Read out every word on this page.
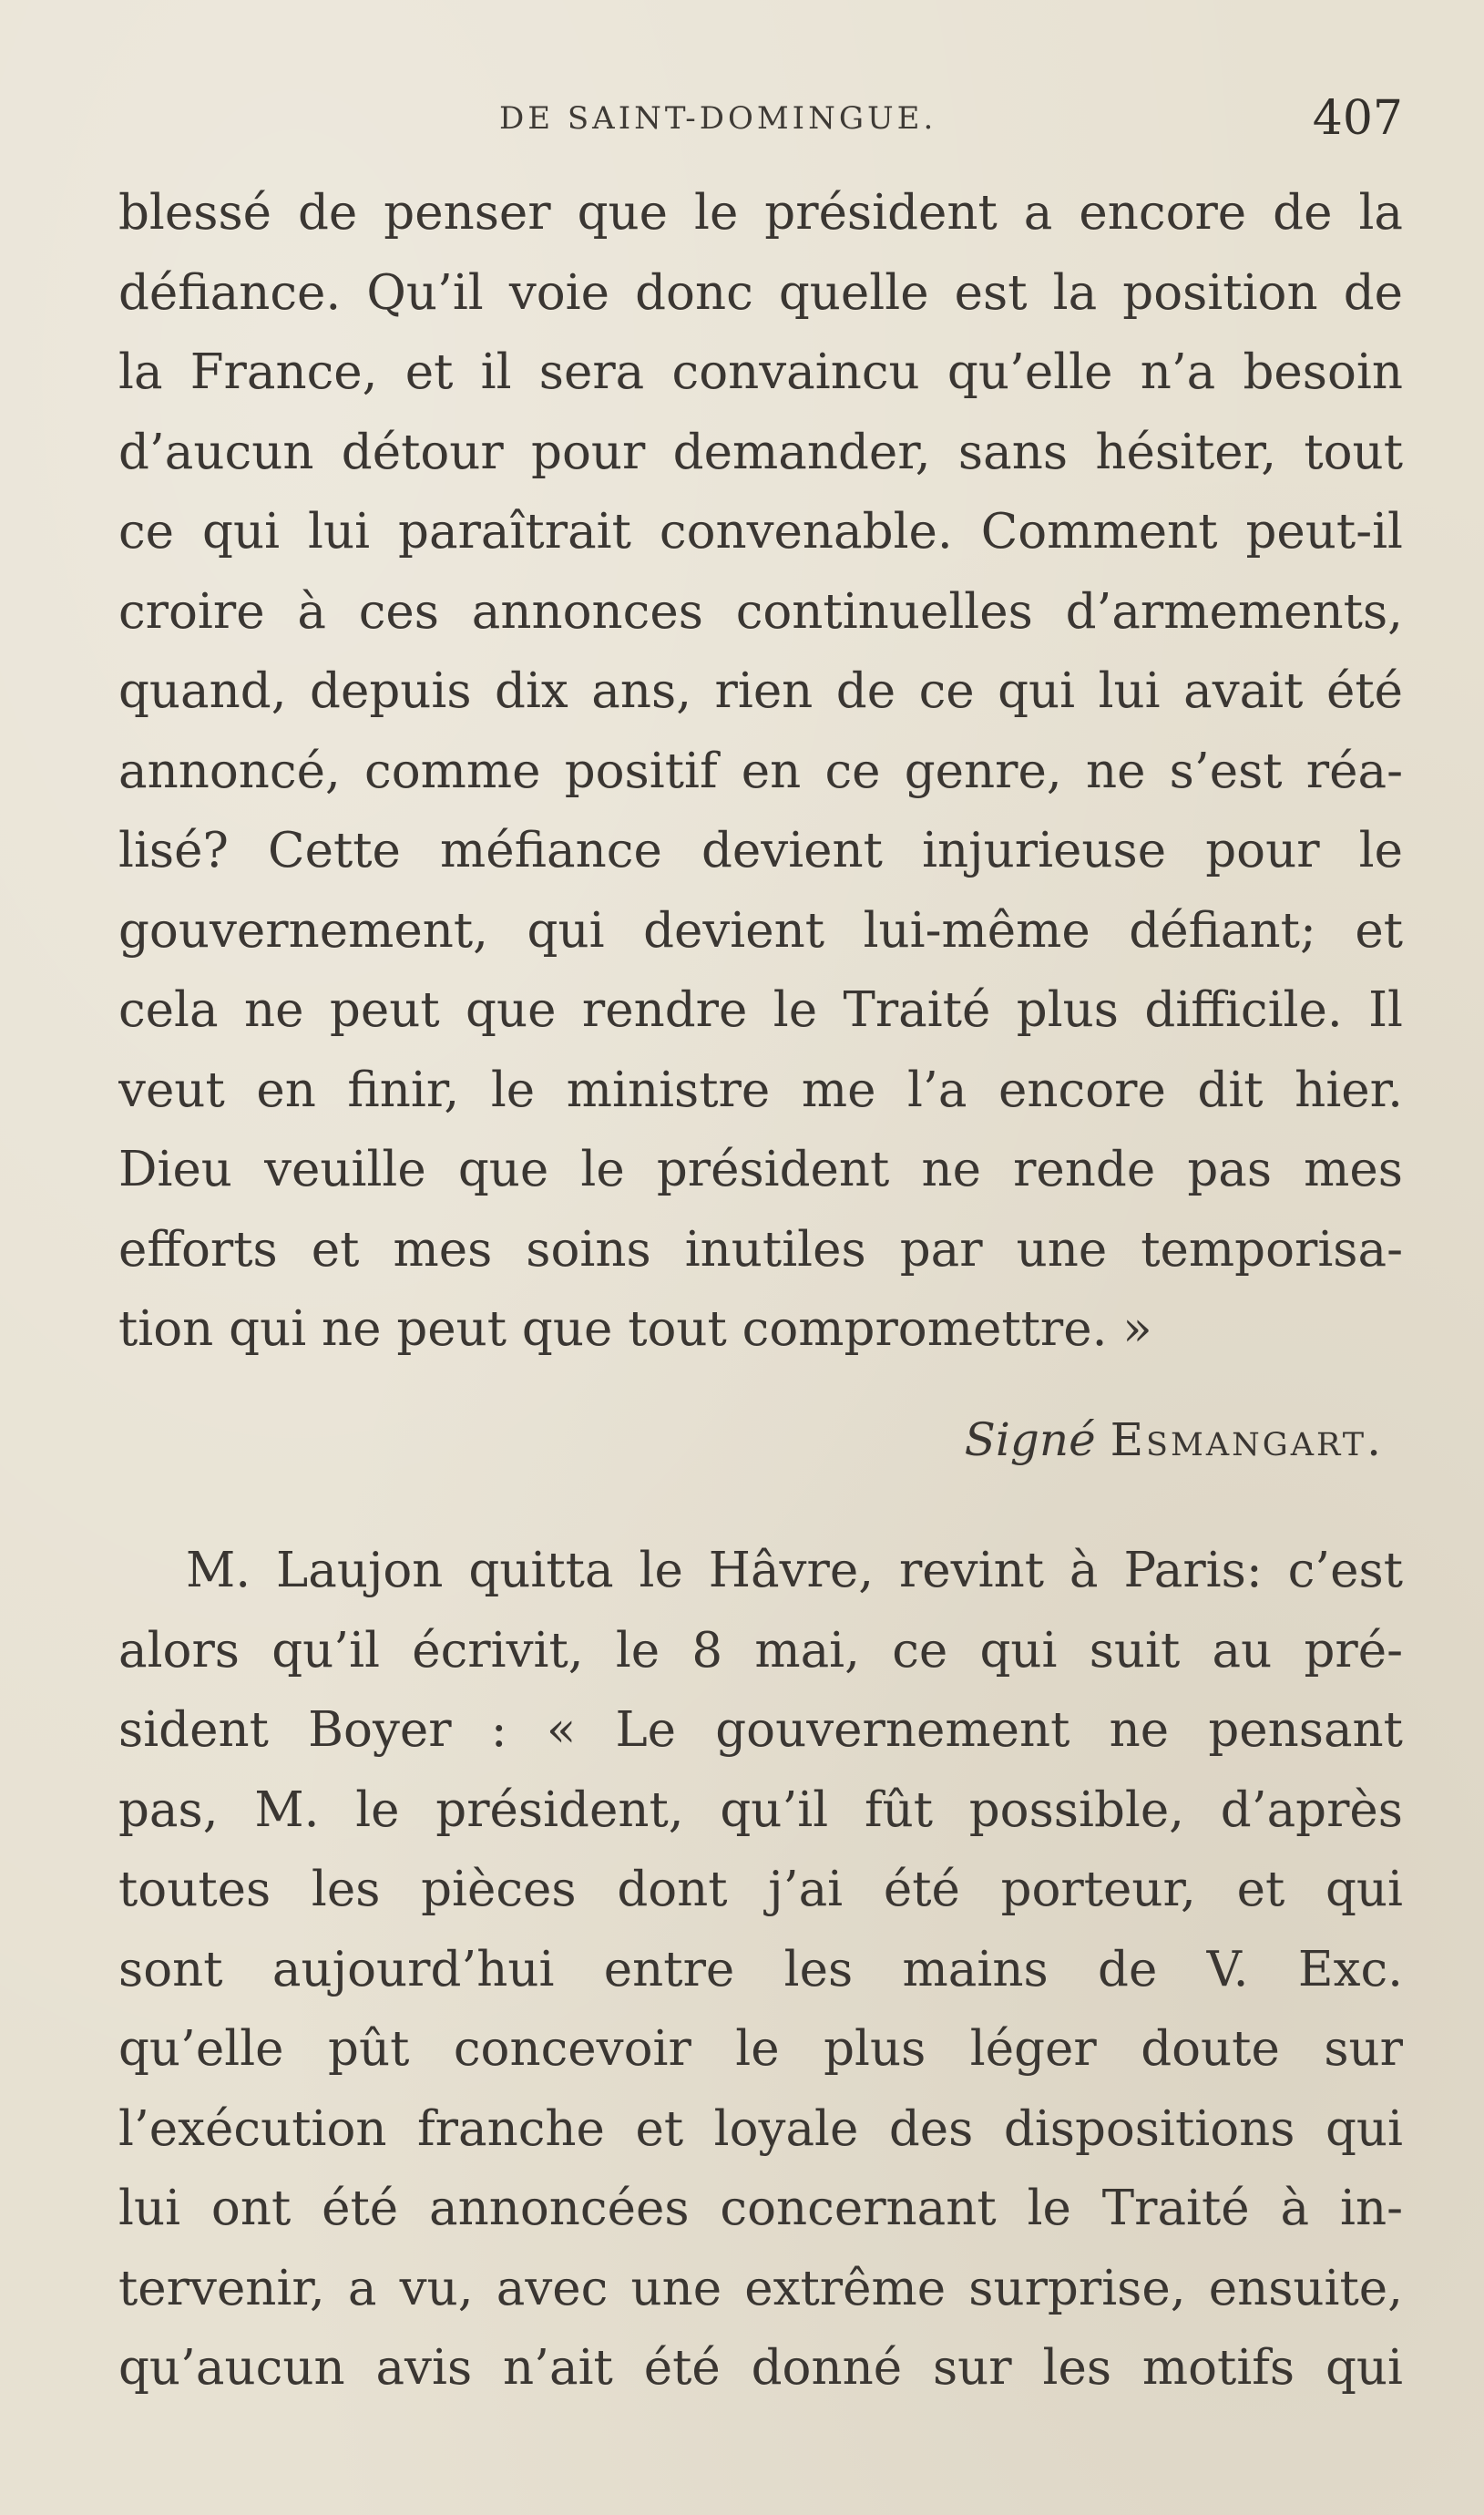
DE SAINT-DOMINGUE.	407
blessé de penser que le président a encore de la
défiance. Qu’il voie donc quelle est la position de
la France, et il sera convaincu qu’elle n’a besoin
d’aucun détour pour demander, sans hésiter, tout
ce qui lui paraîtrait convenable. Comment peut-il
croire à ces annonces continuelles d’armements,
quand, depuis dix ans, rien de ce qui lui avait été
annoncé, comme positif en ce genre, ne s’est réa-
lisé? Cette méfiance devient injurieuse pour le
gouvernement, qui devient lui-même défiant; et
cela ne peut que rendre le Traité plus difficile. Il
veut en finir, le ministre me l’a encore dit hier.
Dieu veuille que le président ne rende pas mes
efforts et mes soins inutiles par une temporisa-
tion qui ne peut que tout compromettre. »
Signé Esmangart.
M. Laujon quitta le Hâvre, revint à Paris: c’est
alors qu’il écrivit, le 8 mai, ce qui suit au pré-
sident Boyer : « Le gouvernement ne pensant
pas, M. le président, qu’il fût possible, d’après
toutes les pièces dont j’ai été porteur, et qui
sont aujourd’hui entre les mains de V. Exc.
qu’elle pût concevoir le plus léger doute sur
l’exécution franche et loyale des dispositions qui
lui ont été annoncées concernant le Traité à in-
tervenir, a vu, avec une extrême surprise, ensuite,
qu’aucun avis n’ait été donné sur les motifs qui
